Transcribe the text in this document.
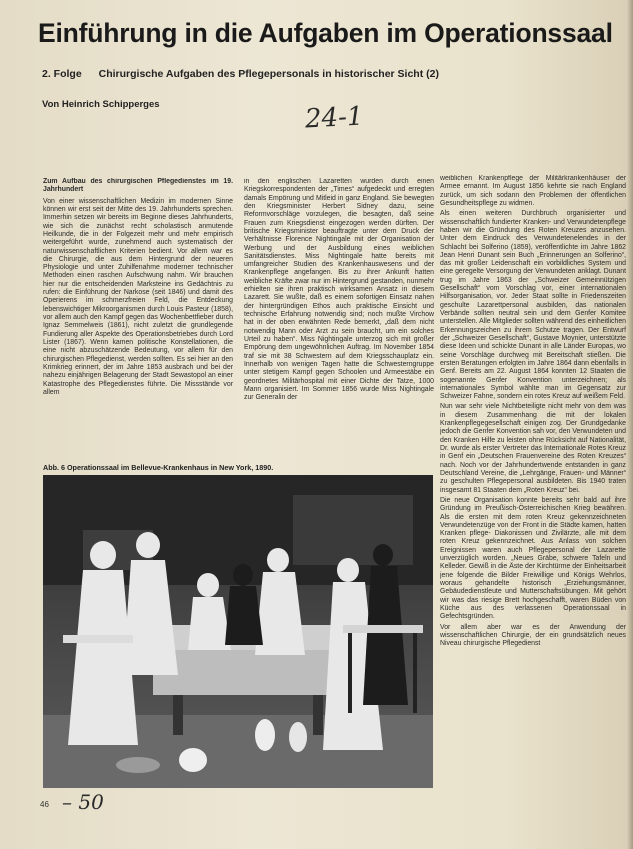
Einführung in die Aufgaben im Operationssaal
2. Folge Chirurgische Aufgaben des Pflegepersonals in historischer Sicht (2)
Von Heinrich Schipperges	24-1

Zum Aufbau des chirurgischen Pflegedienstes im 19. Jahrhundert

Von einer wissenschaftlichen Medizin im modernen Sinne können wir erst seit der Mitte des 19. Jahrhunderts sprechen. Immerhin setzen wir bereits im Beginne dieses Jahrhunderts, wie sich die zunächst recht scholastisch anmutende Heilkunde, die in der Folgezeit mehr und mehr empirisch weitergeführt wurde, zunehmend auch systematisch der naturwissenschaftlichen Kriterien bedient. Vor allem war es die Chirurgie, die aus dem Hintergrund der neueren Physiologie und unter Zuhilfenahme moderner technischer Methoden einen raschen Aufschwung nahm. Wir brauchen hier nur die entscheidenden Marksteine ins Gedächtnis zu rufen: die Einführung der Narkose (seit 1846) und damit des Operierens im schmerzfreien Feld, die Entdeckung lebenswichtiger Mikroorganismen durch Louis Pasteur (1858), vor allem auch den Kampf gegen das Wochenbettfieber durch Ignaz Semmelweis (1861), nicht zuletzt die grundlegende Fundierung aller Aspekte des Operationsbetriebes durch Lord Lister (1867). Wenn kamen politische Konstellationen, die eine nicht abzuschätzende Bedeutung, vor allem für den chirurgischen Pflegedienst, werden sollten. Es sei hier an den Krimkrieg erinnert, der im Jahre 1853 ausbrach und bei der nahezu einjährigen Belagerung der Stadt Sewastopol an einer Katastrophe des Pflegedienstes führte. Die Missstände vor allem

in den englischen Lazaretten wurden durch einen Kriegskorrespondenten der „Times“ aufgedeckt und erregten damals Empörung und Mitleid in ganz England. Sie bewegten den Kriegsminister Herbert Sidney dazu, seine Reformvorschläge vorzulegen, die besagten, daß seine Frauen zum Kriegsdienst eingezogen werden dürften. Der britische Kriegsminister beauftragte unter dem Druck der Verhältnisse Florence Nightingale mit der Organisation der Werbung und der Ausbildung eines weiblichen Sanitätsdienstes. Miss Nightingale hatte bereits mit umfangreicher Studien des Krankenhauswesens und der Krankenpflege angefangen. Bis zu ihrer Ankunft hatten weibliche Kräfte zwar nur im Hintergrund gestanden, nunmehr erhielten sie ihren praktisch wirksamen Ansatz in diesem Lazarett. Sie wußte, daß es einem sofortigen Einsatz nahen der hintergründigen Ethos auch praktische Einsicht und technische Erfahrung notwendig sind; noch mußte Virchow hat in der oben erwähnten Rede bemerkt, „daß dem nicht notwendig Mann oder Arzt zu sein braucht, um ein solches Urteil zu haben“. Miss Nightingale unterzog sich mit großer Empörung dem ungewöhnlichen Auftrag. Im November 1854 traf sie mit 38 Schwestern auf dem Kriegsschauplatz ein. Innerhalb von wenigen Tagen hatte die Schwesterngruppe unter stetigem Kampf gegen Schoolen und Armeestäbe ein geordnetes Militärhospital mit einer Dichte der Tatze, 1000 Mann organisiert. Im Sommer 1856 wurde Miss Nightingale zur Generalin der

weiblichen Krankenpflege der Militärkrankenhäuser der Armee ernannt. Im August 1856 kehrte sie nach England zurück, um sich sodann den Problemen der öffentlichen Gesundheitspflege zu widmen.

Als einen weiteren Durchbruch organisierter und wissenschaftlich fundierter Kranken- und Verwundetenpflege haben wir die Gründung des Roten Kreuzes anzusehen. Unter dem Eindruck des Verwundetenelendes in der Schlacht bei Solferino (1859), veröffentlichte im Jahre 1862 Jean Henri Dunant sein Buch „Erinnerungen an Solferino“, das mit großer Leidenschaft ein vorbildliches System und eine geregelte Versorgung der Verwundeten anklagt. Dunant trug im Jahre 1863 der „Schweizer Gemeinnützigen Gesellschaft“ vom Vorschlag vor, einer internationalen Hilfsorganisation, vor. Jeder Staat sollte in Friedenszeiten geschulte Lazarettpersonal ausbilden, das nationalen Verbände sollten neutral sein und dem Genfer Komitee unterstellen. Alle Mitglieder sollten während des einheitlichen Erkennungszeichen zu ihrem Schutze tragen. Der Entwurf der „Schweizer Gesellschaft“, Gustave Moynier, unterstützte diese Ideen und schickte Dunant in alle Länder Europas, wo seine Vorschläge durchweg mit Bereitschaft stießen. Die ersten Beratungen erfolgten im Jahre 1864 dann ebenfalls in Genf. Bereits am 22. August 1864 konnten 12 Staaten die sogenannte Genfer Konvention unterzeichnen; als internationales Symbol wählte man im Gegensatz zur Schweizer Fahne, sondern ein rotes Kreuz auf weißem Feld.

Nun war sehr viele Nichtbeteiligte nicht mehr von dem was in diesem Zusammenhang die mit der lokalen Krankenpflegegesellschaft einigen zog. Der Grundgedanke jedoch die Genfer Konvention sah vor, den Verwundeten und den Kranken Hilfe zu leisten ohne Rücksicht auf Nationalität, Dr. wurde als erster Vertreter das Internationale Rotes Kreuz in Genf ein „Deutschen Frauenvereine des Roten Kreuzes“ nach. Noch vor der Jahrhundertwende entstanden in ganz Deutschland Vereine, die „Lehrgänge, Frauen- und Männer“ zu geschulten Pflegepersonal ausbildeten. Bis 1940 traten insgesamt 81 Staaten dem „Roten Kreuz“ bei.

Die neue Organisation konnte bereits sehr bald auf ihre Gründung im Preußisch-Österreichischen Krieg bewähren. Als die ersten mit dem roten Kreuz gekennzeichneten Verwundetenzüge von der Front in die Städte kamen, hatten Kranken pflege- Diakonissen und Zivilärzte, alle mit dem roten Kreuz gekennzeichnet. Aus Anlass von solchen Ereignissen waren auch Pflegepersonal der Lazarette unverzüglich worden. „Neues Gräbe, schwere Tafeln und Kelleder. Gewiß in die Äste der Kirchtürme der Einheitsarbeit jene folgende die Bilder Freiwillige und Königs Wehrlos, woraus gehandelte historisch „Erziehungsmänner, Gebäudedienstleute und Mutterschaftsübungen. Mit gehört wir was das riesige Brett hochgeschafft, waren Büden von Küche aus des verlassenen Operationssaal in Gefechtsgründen.

Vor allem aber war es der Anwendung der wissenschaftlichen Chirurgie, der ein grundsätzlich neues Niveau chirurgische Pflegedienst

Abb. 6 Operationssaal im Bellevue-Krankenhaus in New York, 1890.
46 – 50
